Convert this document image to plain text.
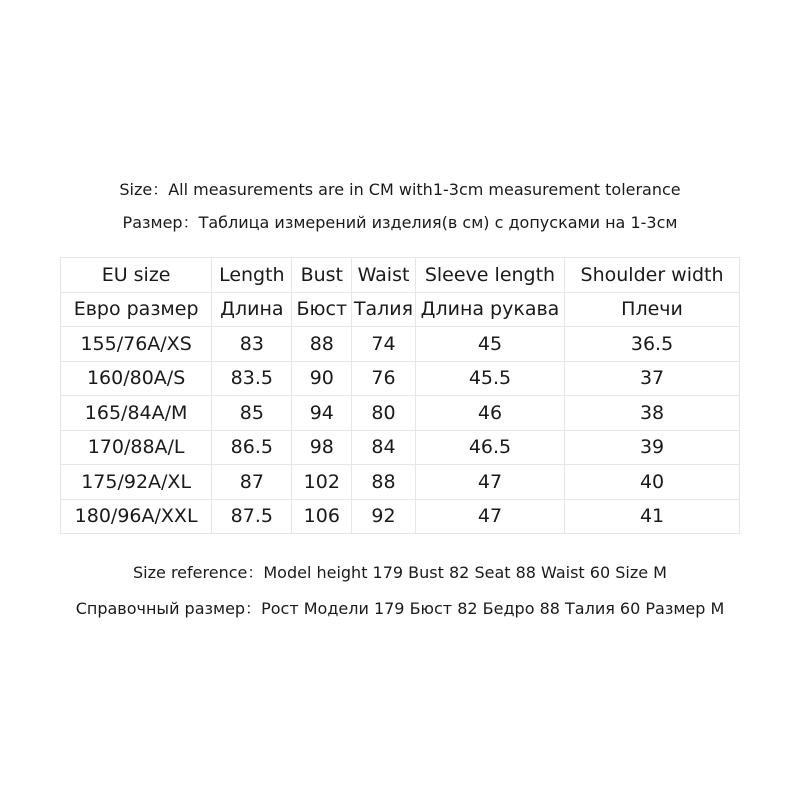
Size：All measurements are in CM with1-3cm measurement tolerance
Размер：Таблица измерений изделия(в см) с допусками на 1-3см
EU size	Length	Bust	Waist	Sleeve length	Shoulder width
Евро размер	Длина	Бюст	Талия	Длина рукава	Плечи
155/76A/XS	83	88	74	45	36.5
160/80A/S	83.5	90	76	45.5	37
165/84A/M	85	94	80	46	38
170/88A/L	86.5	98	84	46.5	39
175/92A/XL	87	102	88	47	40
180/96A/XXL	87.5	106	92	47	41
Size reference：Model height 179 Bust 82 Seat 88 Waist 60 Size M
Справочный размер：Рост Модели 179 Бюст 82 Бедро 88 Талия 60 Размер M
